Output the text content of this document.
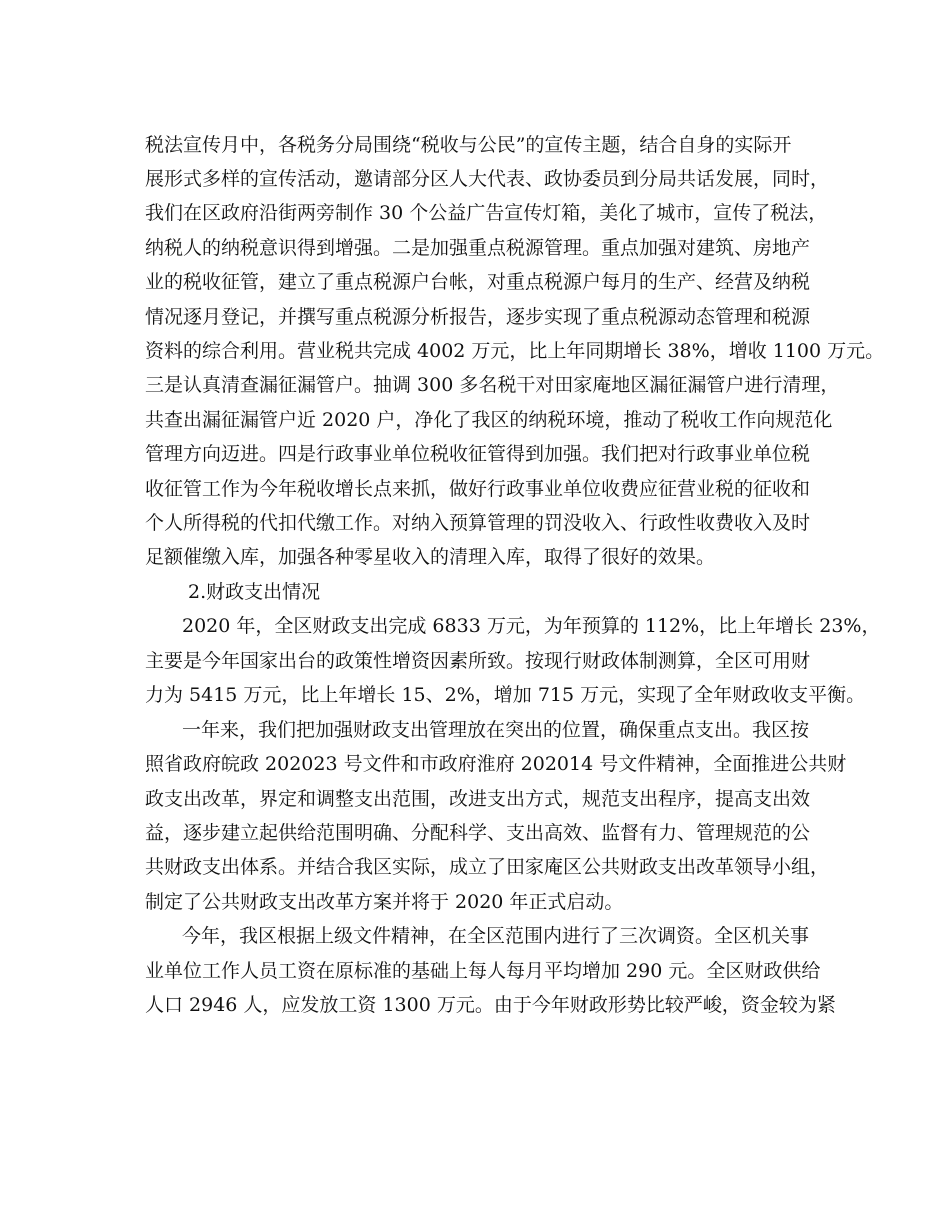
税法宣传月中，各税务分局围绕“税收与公民”的宣传主题，结合自身的实际开
展形式多样的宣传活动，邀请部分区人大代表、政协委员到分局共话发展，同时，
我们在区政府沿街两旁制作 30 个公益广告宣传灯箱，美化了城市，宣传了税法，
纳税人的纳税意识得到增强。二是加强重点税源管理。重点加强对建筑、房地产
业的税收征管，建立了重点税源户台帐，对重点税源户每月的生产、经营及纳税
情况逐月登记，并撰写重点税源分析报告，逐步实现了重点税源动态管理和税源
资料的综合利用。营业税共完成 4002 万元，比上年同期增长 38%，增收 1100 万元。
三是认真清查漏征漏管户。抽调 300 多名税干对田家庵地区漏征漏管户进行清理，
共查出漏征漏管户近 2020 户，净化了我区的纳税环境，推动了税收工作向规范化
管理方向迈进。四是行政事业单位税收征管得到加强。我们把对行政事业单位税
收征管工作为今年税收增长点来抓，做好行政事业单位收费应征营业税的征收和
个人所得税的代扣代缴工作。对纳入预算管理的罚没收入、行政性收费收入及时
足额催缴入库，加强各种零星收入的清理入库，取得了很好的效果。
2.财政支出情况
2020 年，全区财政支出完成 6833 万元，为年预算的 112%，比上年增长 23%，
主要是今年国家出台的政策性增资因素所致。按现行财政体制测算，全区可用财
力为 5415 万元，比上年增长 15、2%，增加 715 万元，实现了全年财政收支平衡。
一年来，我们把加强财政支出管理放在突出的位置，确保重点支出。我区按
照省政府皖政 202023 号文件和市政府淮府 202014 号文件精神，全面推进公共财
政支出改革，界定和调整支出范围，改进支出方式，规范支出程序，提高支出效
益，逐步建立起供给范围明确、分配科学、支出高效、监督有力、管理规范的公
共财政支出体系。并结合我区实际，成立了田家庵区公共财政支出改革领导小组，
制定了公共财政支出改革方案并将于 2020 年正式启动。
今年，我区根据上级文件精神，在全区范围内进行了三次调资。全区机关事
业单位工作人员工资在原标准的基础上每人每月平均增加 290 元。全区财政供给
人口 2946 人，应发放工资 1300 万元。由于今年财政形势比较严峻，资金较为紧
